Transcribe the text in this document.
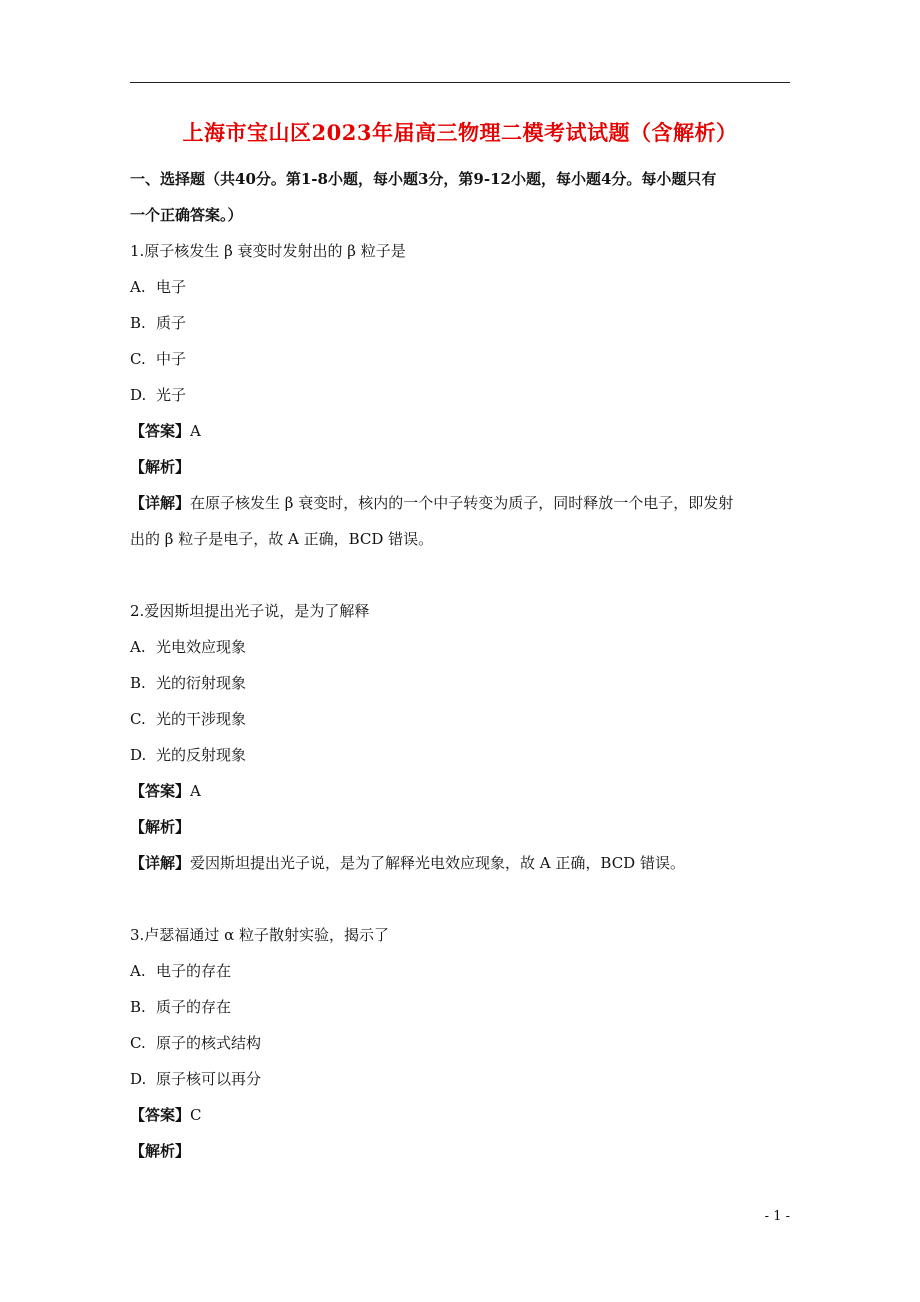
上海市宝山区2023年届高三物理二模考试试题（含解析）
一、选择题（共40分。第1-8小题，每小题3分，第9-12小题，每小题4分。每小题只有
一个正确答案。）
1.原子核发生 β 衰变时发射出的 β 粒子是
A. 电子
B. 质子
C. 中子
D. 光子
【答案】A
【解析】
【详解】在原子核发生 β 衰变时，核内的一个中子转变为质子，同时释放一个电子，即发射
出的 β 粒子是电子，故 A 正确，BCD 错误。
2.爱因斯坦提出光子说，是为了解释
A. 光电效应现象
B. 光的衍射现象
C. 光的干涉现象
D. 光的反射现象
【答案】A
【解析】
【详解】爱因斯坦提出光子说，是为了解释光电效应现象，故 A 正确，BCD 错误。
3.卢瑟福通过 α 粒子散射实验，揭示了
A. 电子的存在
B. 质子的存在
C. 原子的核式结构
D. 原子核可以再分
【答案】C
【解析】
- 1 -
